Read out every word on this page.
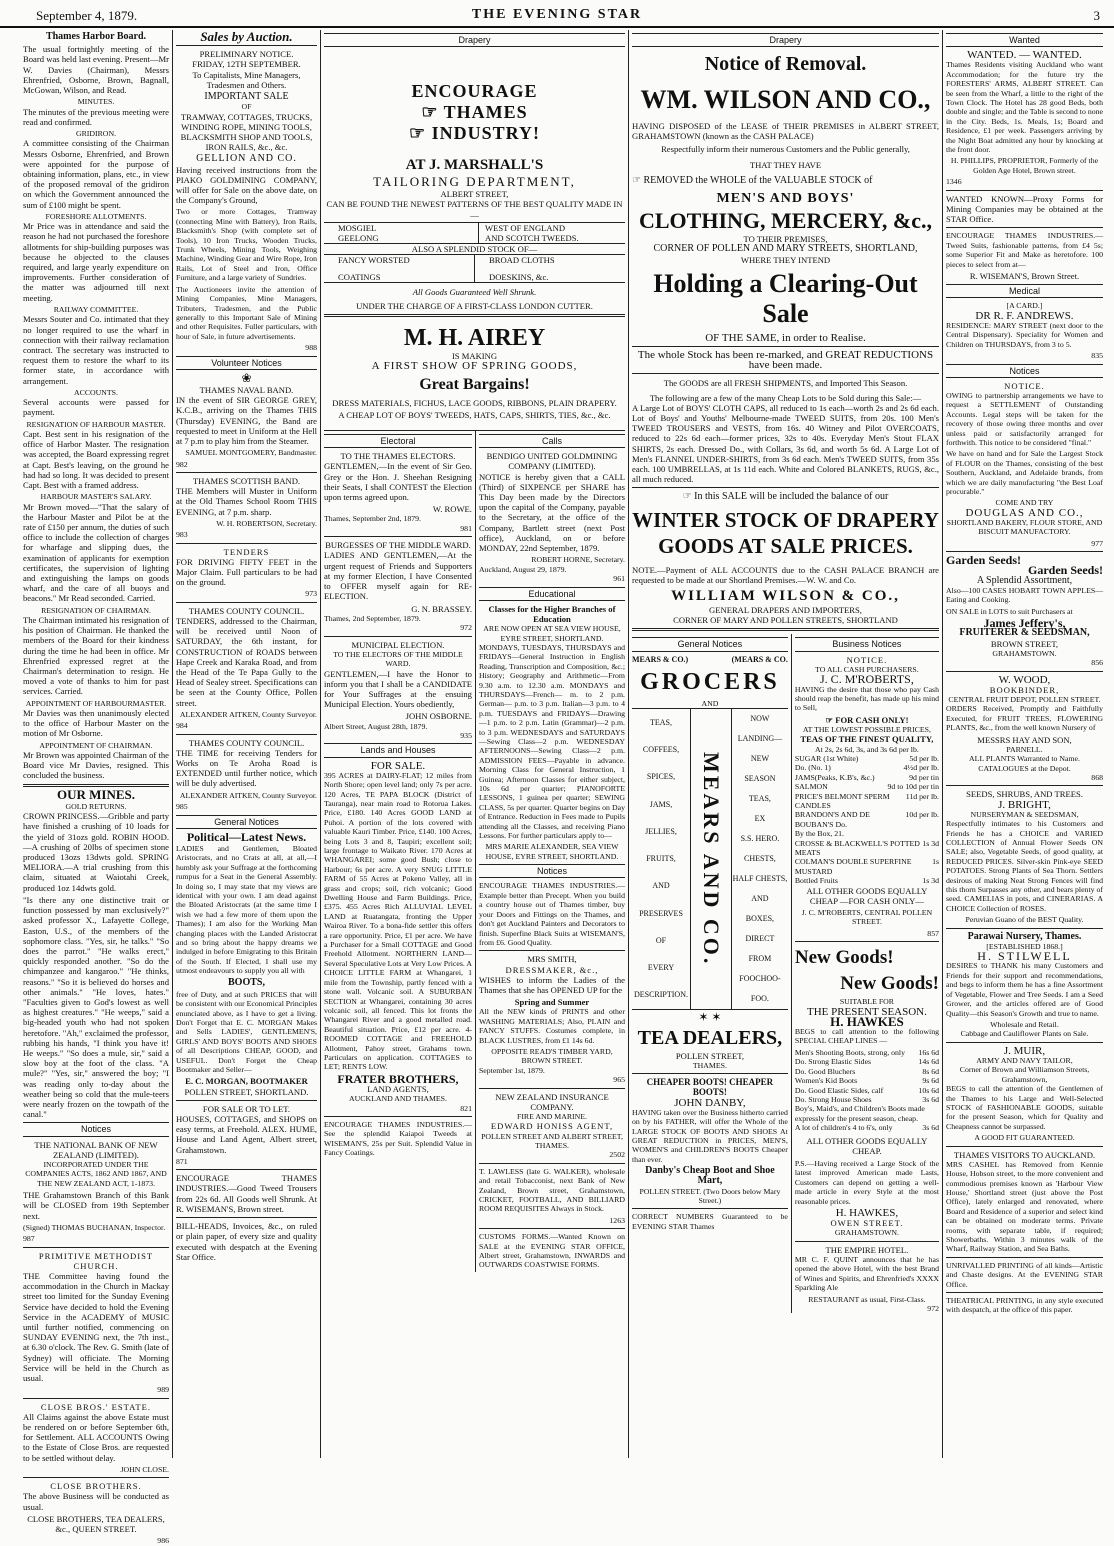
September 4, 1879.	THE EVENING STAR	3
Thames Harbor Board.

The usual fortnightly meeting of the Board was held last evening. Present—Mr W. Davies (Chairman), Messrs Ehrenfried, Osborne, Brown, Bagnall, McGowan, Wilson, and Read.

MINUTES.

The minutes of the previous meeting were read and confirmed.

GRIDIRON.

A committee consisting of the Chairman Messrs Osborne, Ehrenfried, and Brown were appointed for the purpose of obtaining information, plans, etc., in view of the proposed removal of the gridiron on which the Government announced the sum of £100 might be spent.

FORESHORE ALLOTMENTS.

Mr Price was in attendance and said the reason he had not purchased the foreshore allotments for ship-building purposes was because he objected to the clauses required, and large yearly expenditure on improvements. Further consideration of the matter was adjourned till next meeting.

RAILWAY COMMITTEE.

Messrs Souter and Co. intimated that they no longer required to use the wharf in connection with their railway reclamation contract. The secretary was instructed to request them to restore the wharf to its former state, in accordance with arrangement.

ACCOUNTS.

Several accounts were passed for payment.

RESIGNATION OF HARBOUR MASTER.

Capt. Best sent in his resignation of the office of Harbor Master. The resignation was accepted, the Board expressing regret at Capt. Best's leaving, on the ground he had had so long. It was decided to present Capt. Best with a framed address.

HARBOUR MASTER'S SALARY.

Mr Brown moved—"That the salary of the Harbour Master and Pilot be at the rate of £150 per annum, the duties of such office to include the collection of charges for wharfage and slipping dues, the examination of applicants for exemption certificates, the supervision of lighting and extinguishing the lamps on goods wharf, and the care of all buoys and beacons." Mr Read seconded. Carried.

RESIGNATION OF CHAIRMAN.

The Chairman intimated his resignation of his position of Chairman. He thanked the members of the Board for their kindness during the time he had been in office. Mr Ehrenfried expressed regret at the Chairman's determination to resign. He moved a vote of thanks to him for past services. Carried.

APPOINTMENT OF HARBOURMASTER.

Mr Davies was then unanimously elected to the office of Harbour Master on the motion of Mr Osborne.

APPOINTMENT OF CHAIRMAN.

Mr Brown was appointed Chairman of the Board vice Mr Davies, resigned. This concluded the business.

OUR MINES.
GOLD RETURNS.

CROWN PRINCESS.—Gribble and party have finished a crushing of 10 loads for the yield of 31ozs gold. ROBIN HOOD.—A crushing of 20lbs of specimen stone produced 13ozs 13dwts gold. SPRING MELIORA.—A trial crushing from this claim, situated at Waiotahi Creek, produced 1oz 14dwts gold.

"Is there any one distinctive trait or function possessed by man exclusively?" asked professor X., Lafayette College, Easton, U.S., of the members of the sophomore class. "Yes, sir, he talks." "So does the parrot." "He walks erect," quickly responded another. "So do the chimpanzee and kangaroo." "He thinks, reasons." "So it is believed do horses and other animals." "He loves, hates." "Faculties given to God's lowest as well as highest creatures." "He weeps," said a big-headed youth who had not spoken heretofore. "Ah," exclaimed the professor, rubbing his hands, "I think you have it! He weeps." "So does a mule, sir," said a slow boy at the foot of the class. "A mule?" "Yes, sir," answered the boy; "I was reading only to-day about the weather being so cold that the mule-teers were nearly frozen on the towpath of the canal."

Notices
THE NATIONAL BANK OF NEW ZEALAND (LIMITED).

INCORPORATED UNDER THE COMPANIES ACTS, 1862 AND 1867, AND THE NEW ZEALAND ACT, 1-1873.

THE Grahamstown Branch of this Bank will be CLOSED from 19th September next.

(Signed) THOMAS BUCHANAN, Inspector.

987
PRIMITIVE METHODIST CHURCH.

THE Committee having found the accommodation in the Church in Mackay street too limited for the Sunday Evening Service have decided to hold the Evening Service in the ACADEMY of MUSIC until further notified, commencing on SUNDAY EVENING next, the 7th inst., at 6.30 o'clock. The Rev. G. Smith (late of Sydney) will officiate. The Morning Service will be held in the Church as usual.

989
CLOSE BROS.' ESTATE.

All Claims against the above Estate must be rendered on or before September 6th, for Settlement. ALL ACCOUNTS Owing to the Estate of Close Bros. are requested to be settled without delay.

JOHN CLOSE.
CLOSE BROTHERS.

The above Business will be conducted as usual.

CLOSE BROTHERS, TEA DEALERS, &c., QUEEN STREET.

986
Sales by Auction.
PRELIMINARY NOTICE.
FRIDAY, 12TH SEPTEMBER.

To Capitalists, Mine Managers, Tradesmen and Others.

IMPORTANT SALE
OF

TRAMWAY, COTTAGES, TRUCKS, WINDING ROPE, MINING TOOLS, BLACKSMITH SHOP AND TOOLS, IRON RAILS, &c., &c.

GELLION AND CO.

Having received instructions from the PIAKO GOLDMINING COMPANY, will offer for Sale on the above date, on the Company's Ground,

Two or more Cottages, Tramway (connecting Mine with Battery), Iron Rails, Blacksmith's Shop (with complete set of Tools), 10 Iron Trucks, Wooden Trucks, Trunk Wheels, Mining Tools, Weighing Machine, Winding Gear and Wire Rope, Iron Rails, Lot of Steel and Iron, Office Furniture, and a large variety of Sundries.

The Auctioneers invite the attention of Mining Companies, Mine Managers, Tributers, Tradesmen, and the Public generally to this Important Sale of Mining and other Requisites. Fuller particulars, with hour of Sale, in future advertisements.

988
Volunteer Notices
❀
THAMES NAVAL BAND.

IN the event of SIR GEORGE GREY, K.C.B., arriving on the Thames THIS (Thursday) EVENING, the Band are requested to meet in Uniform at the Hell at 7 p.m to play him from the Steamer.

SAMUEL MONTGOMERY, Bandmaster.

982
THAMES SCOTTISH BAND.

THE Members will Muster in Uniform at the Old Thames School Room THIS EVENING, at 7 p.m. sharp.

W. H. ROBERTSON, Secretary.

983
TENDERS

FOR DRIVING FIFTY FEET in the Major Claim. Full particulars to be had on the ground.

973
THAMES COUNTY COUNCIL.

TENDERS, addressed to the Chairman, will be received until Noon of SATURDAY, the 6th instant, for CONSTRUCTION of ROADS between Hape Creek and Karaka Road, and from the Head of the Te Papa Gully to the Head of Sealey street. Specifications can be seen at the County Office, Pollen street.

ALEXANDER AITKEN, County Surveyor.

984
THAMES COUNTY COUNCIL.

THE TIME for receiving Tenders for Works on Te Aroha Road is EXTENDED until further notice, which will be duly advertised.

ALEXANDER AITKEN, County Surveyor.

985
General Notices
Political—Latest News.

LADIES and Gentlemen, Bloated Aristocrats, and no Crats at all, at all,—I humbly ask your Suffrage at the forthcoming rumpus for a Seat in the General Assembly. In doing so, I may state that my views are identical with your own. I am dead against the Bloated Aristocrats (at the same time I wish we had a few more of them upon the Thames); I am also for the Working Man changing places with the Landed Aristocrat and so bring about the happy dreams we indulged in before Emigrating to this Britain of the South. If Elected, I shall use my utmost endeavours to supply you all with

BOOTS,

free of Duty, and at such PRICES that will be consistent with our Economical Principles enunciated above, as I have to get a living. Don't Forget that E. C. MORGAN Makes and Sells LADIES', GENTLEMEN'S, GIRLS' AND BOYS' BOOTS AND SHOES of all Descriptions CHEAP, GOOD, and USEFUL. Don't Forget the Cheap Bootmaker and Seller—

E. C. MORGAN, BOOTMAKER
POLLEN STREET, SHORTLAND.
FOR SALE OR TO LET.

HOUSES, COTTAGES, and SHOPS on easy terms, at Freehold. ALEX. HUME, House and Land Agent, Albert street, Grahamstown.

871

ENCOURAGE THAMES INDUSTRIES.—Good Tweed Trousers from 22s 6d. All Goods well Shrunk. At R. WISEMAN'S, Brown street.

BILL-HEADS, Invoices, &c., on ruled or plain paper, of every size and quality executed with despatch at the Evening Star Office.

Drapery
ENCOURAGE
☞ THAMES
☞ INDUSTRY!
AT J. MARSHALL'S
TAILORING DEPARTMENT,
ALBERT STREET,

CAN BE FOUND THE NEWEST PATTERNS OF THE BEST QUALITY MADE IN—

MOSGIEL
GEELONG
WEST OF ENGLAND
AND SCOTCH TWEEDS.
ALSO A SPLENDID STOCK OF—
FANCY WORSTED
COATINGS
BROAD CLOTHS
DOESKINS, &c.
All Goods Guaranteed Well Shrunk.

UNDER THE CHARGE OF A FIRST-CLASS LONDON CUTTER.

M. H. AIREY
IS MAKING
A FIRST SHOW OF SPRING GOODS,
Great Bargains!

DRESS MATERIALS, FICHUS, LACE GOODS, RIBBONS, PLAIN DRAPERY.

A CHEAP LOT OF BOYS' TWEEDS, HATS, CAPS, SHIRTS, TIES, &c., &c.

Electoral
TO THE THAMES ELECTORS.

GENTLEMEN,—In the event of Sir Geo. Grey or the Hon. J. Sheehan Resigning their Seats, I shall CONTEST the Election upon terms agreed upon.

W. ROWE.
Thames, September 2nd, 1879.
981
BURGESSES OF THE MIDDLE WARD.

LADIES AND GENTLEMEN,—At the urgent request of Friends and Supporters at my former Election, I have Consented to OFFER myself again for RE-ELECTION.

G. N. BRASSEY.
Thames, 2nd September, 1879.
972
MUNICIPAL ELECTION.
TO THE ELECTORS OF THE MIDDLE WARD.

GENTLEMEN,—I have the Honor to inform you that I shall be a CANDIDATE for Your Suffrages at the ensuing Municipal Election. Yours obediently,

JOHN OSBORNE.
Albert Street, August 28th, 1879.
935
Lands and Houses
FOR SALE.

395 ACRES at DAIRY-FLAT; 12 miles from North Shore; open level land; only 7s per acre. 120 Acres, TE PAPA BLOCK (District of Tauranga), near main road to Rotorua Lakes. Price, £180. 140 Acres GOOD LAND at Puhoi. A portion of the lots covered with valuable Kauri Timber. Price, £140. 100 Acres, being Lots 3 and 8, Taupiri; excellent soil; large frontage to Waikato River. 170 Acres at WHANGAREI; some good Bush; close to Harbour; 6s per acre. A very SNUG LITTLE FARM of 55 Acres at Pokeno Valley, all in grass and crops; soil, rich volcanic; Good Dwelling House and Farm Buildings. Price, £375. 455 Acres Rich ALLUVIAL LEVEL LAND at Ruatangata, fronting the Upper Wairoa River. To a bona-fide settler this offers a rare opportunity. Price, £1 per acre. We have a Purchaser for a Small COTTAGE and Good Freehold Allotment. NORTHERN LAND—Several Speculative Lots at Very Low Prices. A CHOICE LITTLE FARM at Whangarei, 1 mile from the Township, partly fenced with a stone wall. Volcanic soil. A SUBURBAN SECTION at Whangarei, containing 30 acres volcanic soil, all fenced. This lot fronts the Whangarei River and a good metalled road. Beautiful situation. Price, £12 per acre. 4-ROOMED COTTAGE and FREEHOLD Allotment, Pahoy street, Grahams town. Particulars on application. COTTAGES to LET; RENTS LOW.

FRATER BROTHERS,
LAND AGENTS,
AUCKLAND AND THAMES.
821

ENCOURAGE THAMES INDUSTRIES.—See the splendid Kaiapoi Tweeds at WISEMAN'S, 25s per Suit. Splendid Value in Fancy Coatings.

Calls
BENDIGO UNITED GOLDMINING COMPANY (LIMITED).

NOTICE is hereby given that a CALL (Third) of SIXPENCE per SHARE has This Day been made by the Directors upon the capital of the Company, payable to the Secretary, at the office of the Company, Bartlett street (next Post office), Auckland, on or before MONDAY, 22nd September, 1879.

ROBERT HORNE, Secretary.
Auckland, August 29, 1879.
961
Educational
Classes for the Higher Branches of Education
ARE NOW OPEN AT SEA VIEW HOUSE, EYRE STREET, SHORTLAND.

MONDAYS, TUESDAYS, THURSDAYS and FRIDAYS—General Instruction in English Reading, Transcription and Composition, &c.; History; Geography and Arithmetic—From 9.30 a.m. to 12.30 a.m. MONDAYS and THURSDAYS—French— m. to 2 p.m. German— p.m. to 3 p.m. Italian—3 p.m. to 4 p.m. TUESDAYS and FRIDAYS—Drawing—1 p.m. to 2 p.m. Latin (Grammar)—2 p.m. to 3 p.m. WEDNESDAYS and SATURDAYS—Sewing Class—2 p.m. WEDNESDAY AFTERNOONS—Sewing Class—2 p.m. ADMISSION FEES—Payable in advance. Morning Class for General Instruction, 1 Guinea; Afternoon Classes for either subject, 10s 6d per quarter; PIANOFORTE LESSONS, 1 guinea per quarter; SEWING CLASS, 5s per quarter. Quarter begins on Day of Entrance. Reduction in Fees made to Pupils attending all the Classes, and receiving Piano Lessons. For further particulars apply to—

MRS MARIE ALEXANDER, SEA VIEW HOUSE, EYRE STREET, SHORTLAND.

Notices

ENCOURAGE THAMES INDUSTRIES.—Example better than Precept. When you build a country house out of Thames timber, buy your Doors and Fittings on the Thames, and don't get Auckland Painters and Decorators to finish. Superfine Black Suits at WISEMAN'S, from £6. Good Quality.

MRS SMITH,
DRESSMAKER, &c.,

WISHES to inform the Ladies of the Thames that she has OPENED UP for the

Spring and Summer

All the NEW kinds of PRINTS and other WASHING MATERIALS; Also, PLAIN and FANCY STUFFS. Costumes complete, in BLACK LUSTRES, from £1 14s 6d.

OPPOSITE READ'S TIMBER YARD, BROWN STREET.
September 1st, 1879.
965
NEW ZEALAND INSURANCE COMPANY.
FIRE AND MARINE.
EDWARD HONISS AGENT,
POLLEN STREET AND ALBERT STREET, THAMES.
2502

T. LAWLESS (late G. WALKER), wholesale and retail Tobacconist, next Bank of New Zealand, Brown street, Grahamstown, CRICKET, FOOTBALL, AND BILLIARD ROOM REQUISITES Always in Stock.

1263

CUSTOMS FORMS.—Wanted Known on SALE at the EVENING STAR OFFICE, Albert street, Grahamstown, INWARDS and OUTWARDS COASTWISE FORMS.

Drapery
Notice of Removal.
WM. WILSON AND CO.,

HAVING DISPOSED of the LEASE of THEIR PREMISES in ALBERT STREET, GRAHAMSTOWN (known as the CASH PALACE)

Respectfully inform their numerous Customers and the Public generally,
THAT THEY HAVE
☞ REMOVED the WHOLE of the VALUABLE STOCK of
MEN'S AND BOYS'
CLOTHING, MERCERY, &c.,
TO THEIR PREMISES,
CORNER OF POLLEN AND MARY STREETS, SHORTLAND,
WHERE THEY INTEND
Holding a Clearing-Out Sale
OF THE SAME, in order to Realise.
The whole Stock has been re-marked, and GREAT REDUCTIONS have been made.
The GOODS are all FRESH SHIPMENTS, and Imported This Season.
The following are a few of the many Cheap Lots to be Sold during this Sale:—

A Large Lot of BOYS' CLOTH CAPS, all reduced to 1s each—worth 2s and 2s 6d each. Lot of Boys' and Youths' Melbourne-made TWEED SUITS, from 20s. 100 Men's TWEED TROUSERS and VESTS, from 16s. 40 Witney and Pilot OVERCOATS, reduced to 22s 6d each—former prices, 32s to 40s. Everyday Men's Stout FLAX SHIRTS, 2s each. Dressed Do., with Collars, 3s 6d, and worth 5s 6d. A Large Lot of Men's FLANNEL UNDER-SHIRTS, from 3s 6d each. Men's TWEED SUITS, from 35s each. 100 UMBRELLAS, at 1s 11d each. White and Colored BLANKETS, RUGS, &c., all much reduced.

☞ In this SALE will be included the balance of our
WINTER STOCK OF DRAPERY
GOODS AT SALE PRICES.

NOTE.—Payment of ALL ACCOUNTS due to the CASH PALACE BRANCH are requested to be made at our Shortland Premises.—W. W. and Co.

WILLIAM WILSON & CO.,
GENERAL DRAPERS AND IMPORTERS,
CORNER OF MARY AND POLLEN STREETS, SHORTLAND
General Notices
MEARS & CO.)	(MEARS & CO.
GROCERS
AND
TEAS,
COFFEES,
SPICES,
JAMS,
JELLIES,
FRUITS,
AND
PRESERVES
OF
EVERY
DESCRIPTION.
MEARS AND CO.
NOW
LANDING—
NEW
SEASON
TEAS,
EX
S.S. HERO.
CHESTS,
HALF CHESTS,
AND
BOXES,
DIRECT
FROM
FOOCHOO-
FOO.
✶ ✶
TEA DEALERS,
POLLEN STREET,
THAMES.
CHEAPER BOOTS! CHEAPER BOOTS!
JOHN DANBY,

HAVING taken over the Business hitherto carried on by his FATHER, will offer the Whole of the LARGE STOCK OF BOOTS AND SHOES At GREAT REDUCTION in PRICES, MEN'S, WOMEN'S and CHILDREN'S BOOTS Cheaper than ever.

Danby's Cheap Boot and Shoe Mart,
POLLEN STREET. (Two Doors below Mary Street.)

CORRECT NUMBERS Guaranteed to be EVENING STAR Thames

Business Notices
NOTICE.
TO ALL CASH PURCHASERS.
J. C. M'ROBERTS,

HAVING the desire that those who pay Cash should reap the benefit, has made up his mind to Sell,

☞ FOR CASH ONLY!
AT THE LOWEST POSSIBLE PRICES,
TEAS OF THE FINEST QUALITY,
At 2s, 2s 6d, 3s, and 3s 6d per lb.
SUGAR (1st White)	5d per lb.
Do. (No. 1)	4½d per lb.
JAMS(Peaks, K.B's, &c.)	9d per tin
SALMON	9d to 10d per tin
PRICE'S BELMONT SPERM CANDLES
11d per lb.
BRANDON'S AND DE BOUBAN'S Do.
10d per lb.
By the Box, 21.
CROSSE & BLACKWELL'S POTTED MEATS
1s 3d
COLMAN'S DOUBLE SUPERFINE MUSTARD
1s
Bottled Fruits	1s 3d

ALL OTHER GOODS EQUALLY CHEAP —FOR CASH ONLY—

J. C. M'ROBERTS, CENTRAL POLLEN STREET.

857
New Goods!
New Goods!
SUITABLE FOR
THE PRESENT SEASON.
H. HAWKES

BEGS to call attention to the following SPECIAL CHEAP LINES —

Men's Shooting Boots, strong, only 16s 6d
Do. Strong Elastic Sides	14s 6d
Do. Good Bluchers	8s 6d
Women's Kid Boots	9s 6d
Do. Good Elastic Sides, calf	10s 6d
Do. Strong House Shoes	3s 6d
Boy's, Maid's, and Children's Boots made expressly for the present season, cheap.
A lot of children's 4 to 6's, only	3s 6d
ALL OTHER GOODS EQUALLY CHEAP.

P.S.—Having received a Large Stock of the latest improved American made Lasts, Customers can depend on getting a well-made article in every Style at the most reasonable prices.

H. HAWKES,
OWEN STREET.
GRAHAMSTOWN.
THE EMPIRE HOTEL.

MR C. F. QUINT announces that he has opened the above Hotel, with the best Brand of Wines and Spirits, and Ehrenfried's XXXX Sparkling Ale

RESTAURANT as usual, First-Class.
972
Wanted
WANTED. — WANTED.

Thames Residents visiting Auckland who want Accommodation; for the future try the FORESTERS' ARMS, ALBERT STREET. Can be seen from the Wharf, a little to the right of the Town Clock. The Hotel has 28 good Beds, both double and single; and the Table is second to none in the City. Beds, 1s. Meals, 1s; Board and Residence, £1 per week. Passengers arriving by the Night Boat admitted any hour by knocking at the front door.

H. PHILLIPS, PROPRIETOR, Formerly of the Golden Age Hotel, Brown street.

1346

WANTED KNOWN—Proxy Forms for Mining Companies may be obtained at the STAR Office.

ENCOURAGE THAMES INDUSTRIES.—Tweed Suits, fashionable patterns, from £4 5s; some Superior Fit and Make as heretofore. 100 pieces to select from at—

R. WISEMAN'S, Brown Street.
Medical
[A CARD.]
DR R. F. ANDREWS.

RESIDENCE: MARY STREET (next door to the Central Dispensary). Speciality for Women and Children on THURSDAYS, from 3 to 5.

835
Notices
NOTICE.

OWING to partnership arrangements we have to request a SETTLEMENT of Outstanding Accounts. Legal steps will be taken for the recovery of those owing three months and over unless paid or satisfactorily arranged for forthwith. This notice to be considered "final."

We have on hand and for Sale the Largest Stock of FLOUR on the Thames, consisting of the best Southern, Auckland, and Adelaide brands, from which we are daily manufacturing "the Best Loaf procurable."

COME AND TRY
DOUGLAS AND CO.,

SHORTLAND BAKERY, FLOUR STORE, AND BISCUIT MANUFACTORY.

977
Garden Seeds!
Garden Seeds!
A Splendid Assortment,

Also—100 CASES HOBART TOWN APPLES—Eating and Cooking.

ON SALE in LOTS to suit Purchasers at

James Jeffery's,
FRUITERER & SEEDSMAN,
BROWN STREET,
GRAHAMSTOWN.
856
W. WOOD,
BOOKBINDER,
CENTRAL FRUIT DEPOT, POLLEN STREET.

ORDERS Received, Promptly and Faithfully Executed, for FRUIT TREES, FLOWERING PLANTS, &c., from the well known Nursery of

MESSRS HAY AND SON,
PARNELL.
ALL PLANTS Warranted to Name.
CATALOGUES at the Depot.
868
SEEDS, SHRUBS, AND TREES.
J. BRIGHT,
NURSERYMAN & SEEDSMAN,

Respectfully intimates to his Customers and Friends he has a CHOICE and VARIED COLLECTION of Annual Flower Seeds ON SALE; also, Vegetable Seeds, of good quality, at REDUCED PRICES. Silver-skin Pink-eye SEED POTATOES. Strong Plants of Sea Thorn. Settlers desirous of making Neat Strong Fences will find this thorn Surpasses any other, and bears plenty of seed. CAMELIAS in pots, and CINERARIAS. A CHOICE Collection of ROSES.

Peruvian Guano of the BEST Quality.
Parawai Nursery, Thames.
[ESTABLISHED 1868.]
H. STILWELL

DESIRES to THANK his many Customers and Friends for their support and recommendations, and begs to inform them he has a fine Assortment of Vegetable, Flower and Tree Seeds. I am a Seed Grower, and the articles offered are of Good Quality—this Season's Growth and true to name.

Wholesale and Retail.
Cabbage and Cauliflower Plants on Sale.
J. MUIR,
ARMY AND NAVY TAILOR,
Corner of Brown and Williamson Streets, Grahamstown,

BEGS to call the attention of the Gentlemen of the Thames to his Large and Well-Selected STOCK of FASHIONABLE GOODS, suitable for the present Season, which for Quality and Cheapness cannot be surpassed.

A GOOD FIT GUARANTEED.
THAMES VISITORS TO AUCKLAND.

MRS CASHEL has Removed from Kennie House, Hobson street, to the more convenient and commodious premises known as 'Harbour View House,' Shortland street (just above the Post Office), lately enlarged and renovated, where Board and Residence of a superior and select kind can be obtained on moderate terms. Private rooms, with separate table, if required; Showerbaths. Within 3 minutes walk of the Wharf, Railway Station, and Sea Baths.

UNRIVALLED PRINTING of all kinds—Artistic and Chaste designs. At the EVENING STAR Office.

THEATRICAL PRINTING, in any style executed with despatch, at the office of this paper.
